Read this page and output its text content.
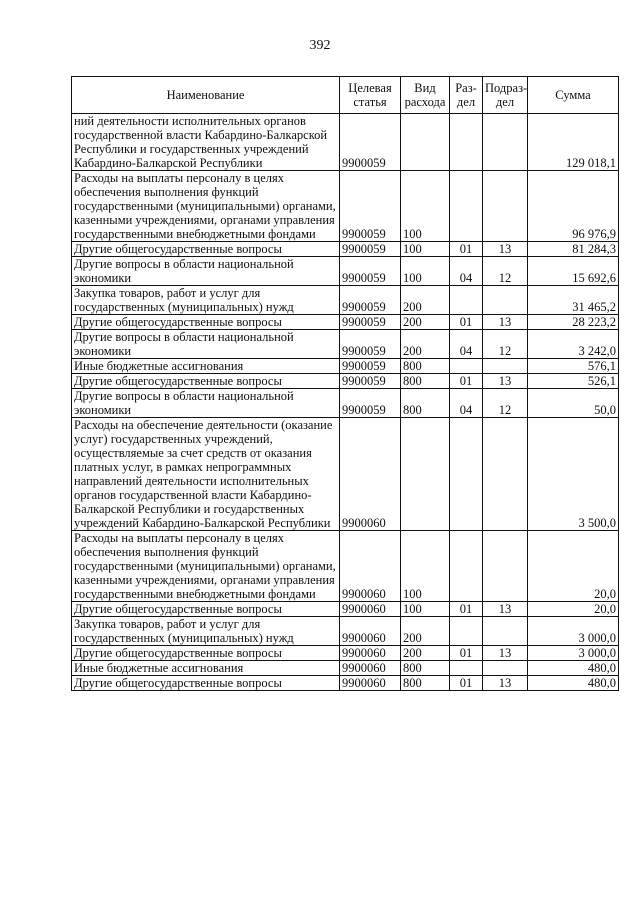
392
Наименование	Целевая статья	Вид расхода	Раз-дел	Подраз-дел	Сумма
ний деятельности исполнительных органов государственной власти Кабардино-Балкарской Республики и государственных учреждений Кабардино-Балкарской Республики	9900059				129 018,1
Расходы на выплаты персоналу в целях обеспечения выполнения функций государственными (муниципальными) органами, казенными учреждениями, органами управления государственными внебюджетными фондами	9900059	100			96 976,9
Другие общегосударственные вопросы	9900059	100	01	13	81 284,3
Другие вопросы в области национальной экономики	9900059	100	04	12	15 692,6
Закупка товаров, работ и услуг для государственных (муниципальных) нужд	9900059	200			31 465,2
Другие общегосударственные вопросы	9900059	200	01	13	28 223,2
Другие вопросы в области национальной экономики	9900059	200	04	12	3 242,0
Иные бюджетные ассигнования	9900059	800			576,1
Другие общегосударственные вопросы	9900059	800	01	13	526,1
Другие вопросы в области национальной экономики	9900059	800	04	12	50,0
Расходы на обеспечение деятельности (оказание услуг) государственных учреждений, осуществляемые за счет средств от оказания платных услуг, в рамках непрограммных направлений деятельности исполнительных органов государственной власти Кабардино-Балкарской Республики и государственных учреждений Кабардино-Балкарской Республики	9900060				3 500,0
Расходы на выплаты персоналу в целях обеспечения выполнения функций государственными (муниципальными) органами, казенными учреждениями, органами управления государственными внебюджетными фондами	9900060	100			20,0
Другие общегосударственные вопросы	9900060	100	01	13	20,0
Закупка товаров, работ и услуг для государственных (муниципальных) нужд	9900060	200			3 000,0
Другие общегосударственные вопросы	9900060	200	01	13	3 000,0
Иные бюджетные ассигнования	9900060	800			480,0
Другие общегосударственные вопросы	9900060	800	01	13	480,0
